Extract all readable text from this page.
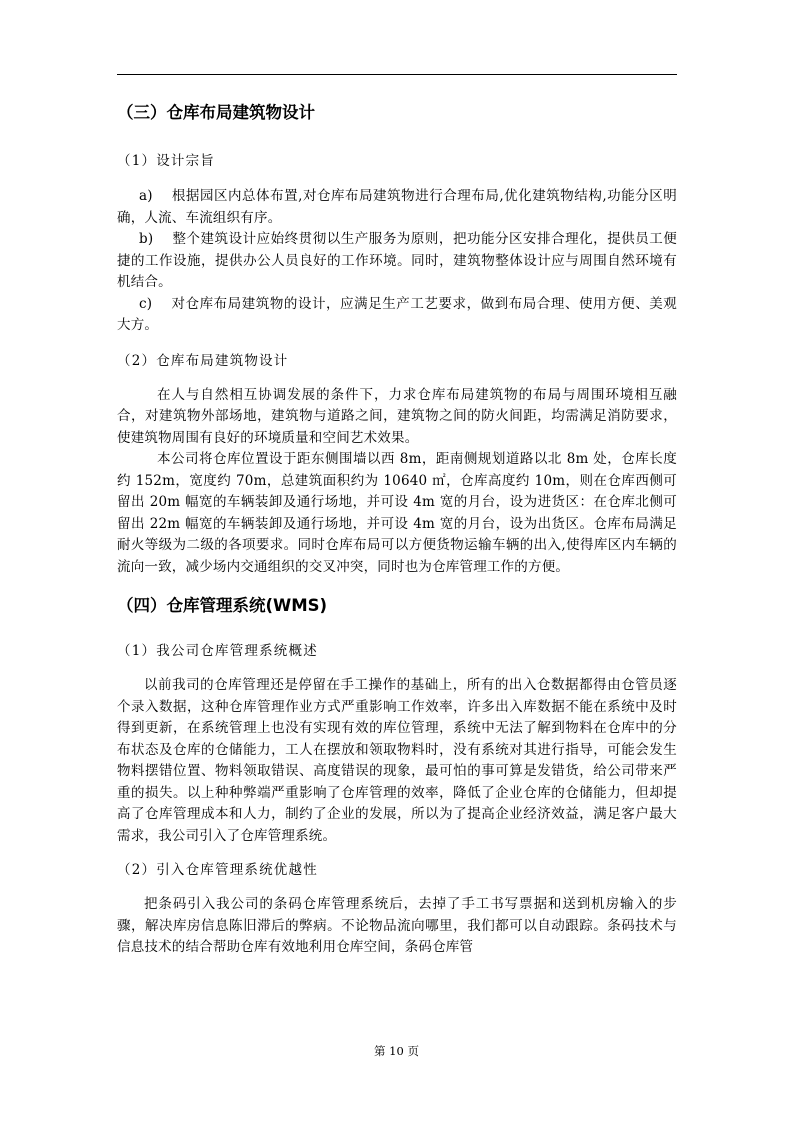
（三）仓库布局建筑物设计

（1）设计宗旨

a)　 根据园区内总体布置,对仓库布局建筑物进行合理布局,优化建筑物结构,功能分区明确，人流、车流组织有序。

b)　 整个建筑设计应始终贯彻以生产服务为原则，把功能分区安排合理化，提供员工便捷的工作设施，提供办公人员良好的工作环境。同时，建筑物整体设计应与周围自然环境有机结合。

c)　 对仓库布局建筑物的设计，应满足生产工艺要求，做到布局合理、使用方便、美观大方。

（2）仓库布局建筑物设计

在人与自然相互协调发展的条件下，力求仓库布局建筑物的布局与周围环境相互融合，对建筑物外部场地，建筑物与道路之间，建筑物之间的防火间距，均需满足消防要求，使建筑物周围有良好的环境质量和空间艺术效果。

本公司将仓库位置设于距东侧围墙以西 8m，距南侧规划道路以北 8m 处，仓库长度约 152m，宽度约 70m，总建筑面积约为 10640 ㎡，仓库高度约 10m，则在仓库西侧可留出 20m 幅宽的车辆装卸及通行场地，并可设 4m 宽的月台，设为进货区：在仓库北侧可留出 22m 幅宽的车辆装卸及通行场地，并可设 4m 宽的月台，设为出货区。仓库布局满足耐火等级为二级的各项要求。同时仓库布局可以方便货物运输车辆的出入,使得库区内车辆的流向一致，减少场内交通组织的交叉冲突，同时也为仓库管理工作的方便。

（四）仓库管理系统(WMS)

（1）我公司仓库管理系统概述

以前我司的仓库管理还是停留在手工操作的基础上，所有的出入仓数据都得由仓管员逐个录入数据，这种仓库管理作业方式严重影响工作效率，许多出入库数据不能在系统中及时得到更新，在系统管理上也没有实现有效的库位管理，系统中无法了解到物料在仓库中的分布状态及仓库的仓储能力，工人在摆放和领取物料时，没有系统对其进行指导，可能会发生物料摆错位置、物料领取错误、高度错误的现象，最可怕的事可算是发错货，给公司带来严重的损失。以上种种弊端严重影响了仓库管理的效率，降低了企业仓库的仓储能力，但却提高了仓库管理成本和人力，制约了企业的发展，所以为了提高企业经济效益，满足客户最大需求，我公司引入了仓库管理系统。

（2）引入仓库管理系统优越性

把条码引入我公司的条码仓库管理系统后，去掉了手工书写票据和送到机房输入的步骤，解决库房信息陈旧滞后的弊病。不论物品流向哪里，我们都可以自动跟踪。条码技术与信息技术的结合帮助仓库有效地利用仓库空间，条码仓库管

第 10 页
